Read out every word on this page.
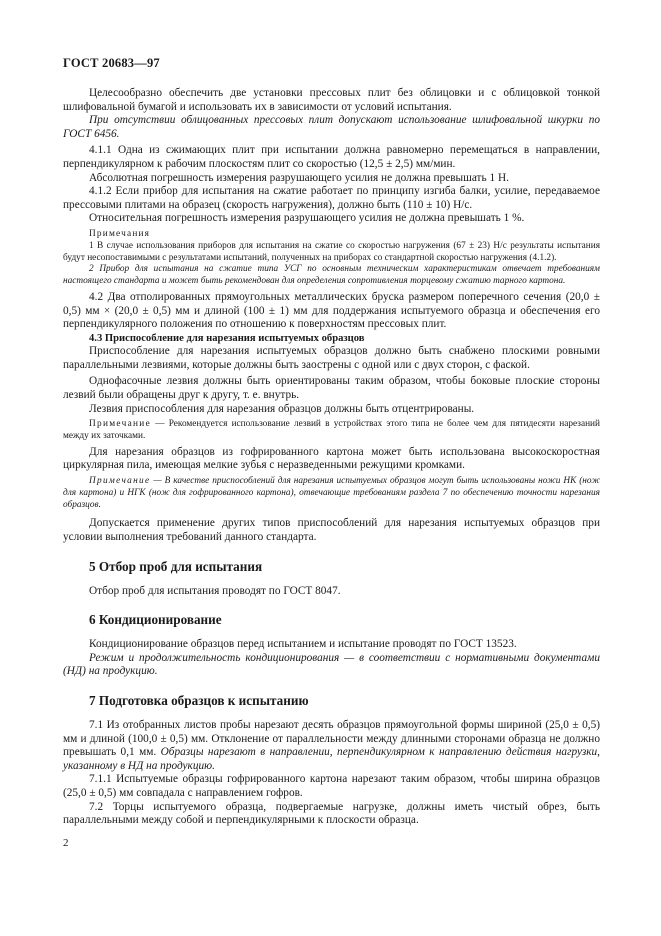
ГОСТ 20683—97

Целесообразно обеспечить две установки прессовых плит без облицовки и с облицовкой тонкой шлифовальной бумагой и использовать их в зависимости от условий испытания.

При отсутствии облицованных прессовых плит допускают использование шлифовальной шкурки по ГОСТ 6456.

4.1.1 Одна из сжимающих плит при испытании должна равномерно перемещаться в направлении, перпендикулярном к рабочим плоскостям плит со скоростью (12,5 ± 2,5) мм/мин.

Абсолютная погрешность измерения разрушающего усилия не должна превышать 1 Н.

4.1.2 Если прибор для испытания на сжатие работает по принципу изгиба балки, усилие, передаваемое прессовыми плитами на образец (скорость нагружения), должно быть (110 ± 10) Н/с.

Относительная погрешность измерения разрушающего усилия не должна превышать 1 %.

Примечания

1 В случае использования приборов для испытания на сжатие со скоростью нагружения (67 ± 23) Н/с результаты испытания будут несопоставимыми с результатами испытаний, полученных на приборах со стандартной скоростью нагружения (4.1.2).

2 Прибор для испытания на сжатие типа УСГ по основным техническим характеристикам отвечает требованиям настоящего стандарта и может быть рекомендован для определения сопротивления торцевому сжатию тарного картона.

4.2 Два отполированных прямоугольных металлических бруска размером поперечного сечения (20,0 ± 0,5) мм × (20,0 ± 0,5) мм и длиной (100 ± 1) мм для поддержания испытуемого образца и обеспечения его перпендикулярного положения по отношению к поверхностям прессовых плит.

4.3 Приспособление для нарезания испытуемых образцов

Приспособление для нарезания испытуемых образцов должно быть снабжено плоскими ровными параллельными лезвиями, которые должны быть заострены с одной или с двух сторон, с фаской.

Однофасочные лезвия должны быть ориентированы таким образом, чтобы боковые плоские стороны лезвий были обращены друг к другу, т. е. внутрь.

Лезвия приспособления для нарезания образцов должны быть отцентрированы.

Примечание — Рекомендуется использование лезвий в устройствах этого типа не более чем для пятидесяти нарезаний между их заточками.

Для нарезания образцов из гофрированного картона может быть использована высокоскоростная циркулярная пила, имеющая мелкие зубья с неразведенными режущими кромками.

Примечание — В качестве приспособлений для нарезания испытуемых образцов могут быть использованы ножи НК (нож для картона) и НГК (нож для гофрированного картона), отвечающие требованиям раздела 7 по обеспечению точности нарезания образцов.

Допускается применение других типов приспособлений для нарезания испытуемых образцов при условии выполнения требований данного стандарта.

5 Отбор проб для испытания

Отбор проб для испытания проводят по ГОСТ 8047.

6 Кондиционирование

Кондиционирование образцов перед испытанием и испытание проводят по ГОСТ 13523.

Режим и продолжительность кондиционирования — в соответствии с нормативными документами (НД) на продукцию.

7 Подготовка образцов к испытанию

7.1 Из отобранных листов пробы нарезают десять образцов прямоугольной формы шириной (25,0 ± 0,5) мм и длиной (100,0 ± 0,5) мм. Отклонение от параллельности между длинными сторонами образца не должно превышать 0,1 мм. Образцы нарезают в направлении, перпендикулярном к направлению действия нагрузки, указанному в НД на продукцию.

7.1.1 Испытуемые образцы гофрированного картона нарезают таким образом, чтобы ширина образцов (25,0 ± 0,5) мм совпадала с направлением гофров.

7.2 Торцы испытуемого образца, подвергаемые нагрузке, должны иметь чистый обрез, быть параллельными между собой и перпендикулярными к плоскости образца.

2
